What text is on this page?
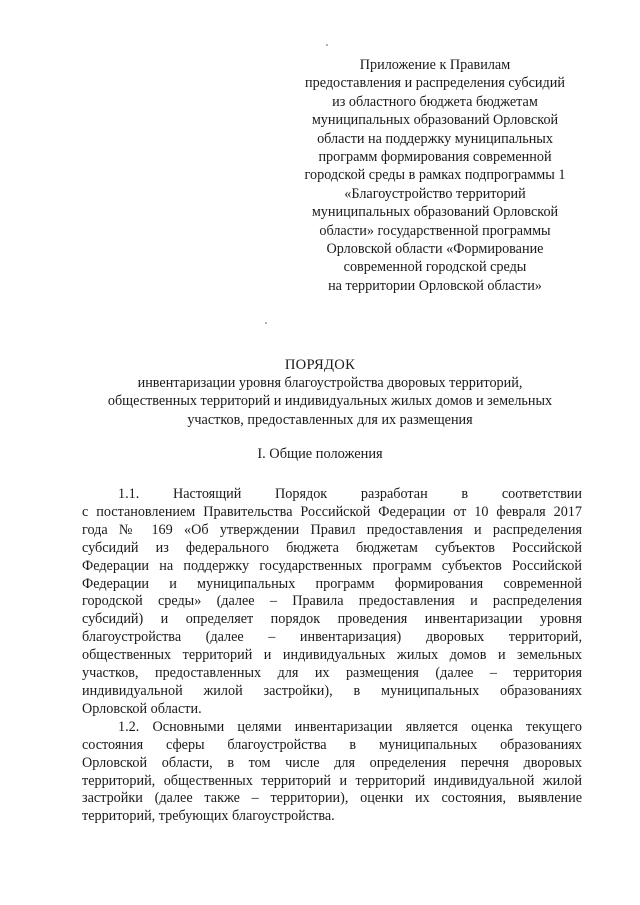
Приложение к Правилам
предоставления и распределения субсидий
из областного бюджета бюджетам
муниципальных образований Орловской
области на поддержку муниципальных
программ формирования современной
городской среды в рамках подпрограммы 1
«Благоустройство территорий
муниципальных образований Орловской
области» государственной программы
Орловской области «Формирование
современной городской среды
на территории Орловской области»
ПОРЯДОК
инвентаризации уровня благоустройства дворовых территорий,
общественных территорий и индивидуальных жилых домов и земельных
участков, предоставленных для их размещения
I. Общие положения
1.1. Настоящий Порядок разработан в соответствии
с постановлением Правительства Российской Федерации от 10 февраля 2017
года № 169 «Об утверждении Правил предоставления и распределения
субсидий из федерального бюджета бюджетам субъектов Российской
Федерации на поддержку государственных программ субъектов Российской
Федерации и муниципальных программ формирования современной
городской среды» (далее – Правила предоставления и распределения
субсидий) и определяет порядок проведения инвентаризации уровня
благоустройства (далее – инвентаризация) дворовых территорий,
общественных территорий и индивидуальных жилых домов и земельных
участков, предоставленных для их размещения (далее – территория
индивидуальной жилой застройки), в муниципальных образованиях
Орловской области.
1.2. Основными целями инвентаризации является оценка текущего
состояния сферы благоустройства в муниципальных образованиях
Орловской области, в том числе для определения перечня дворовых
территорий, общественных территорий и территорий индивидуальной жилой
застройки (далее также – территории), оценки их состояния, выявление
территорий, требующих благоустройства.
